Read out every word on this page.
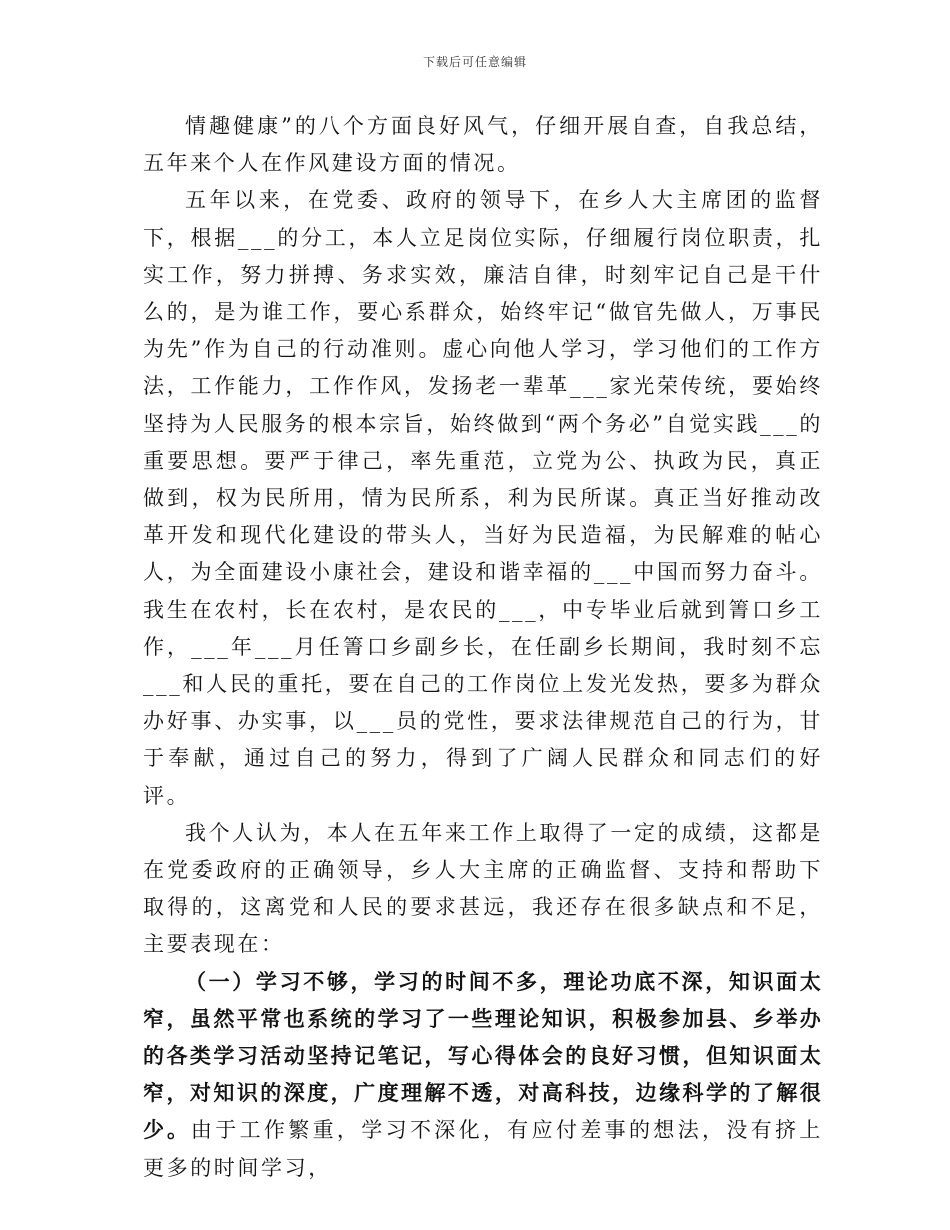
下载后可任意编辑

情趣健康”的八个方面良好风气，仔细开展自查，自我总结，五年来个人在作风建设方面的情况。

五年以来，在党委、政府的领导下，在乡人大主席团的监督下，根据___的分工，本人立足岗位实际，仔细履行岗位职责，扎实工作，努力拼搏、务求实效，廉洁自律，时刻牢记自己是干什么的，是为谁工作，要心系群众，始终牢记“做官先做人，万事民为先”作为自己的行动准则。虚心向他人学习，学习他们的工作方法，工作能力，工作作风，发扬老一辈革___家光荣传统，要始终坚持为人民服务的根本宗旨，始终做到“两个务必”自觉实践___的重要思想。要严于律己，率先重范，立党为公、执政为民，真正做到，权为民所用，情为民所系，利为民所谋。真正当好推动改革开发和现代化建设的带头人，当好为民造福，为民解难的帖心人，为全面建设小康社会，建设和谐幸福的___中国而努力奋斗。我生在农村，长在农村，是农民的___，中专毕业后就到箐口乡工作，___年___月任箐口乡副乡长，在任副乡长期间，我时刻不忘___和人民的重托，要在自己的工作岗位上发光发热，要多为群众办好事、办实事，以___员的党性，要求法律规范自己的行为，甘于奉献，通过自己的努力，得到了广阔人民群众和同志们的好评。

我个人认为，本人在五年来工作上取得了一定的成绩，这都是在党委政府的正确领导，乡人大主席的正确监督、支持和帮助下取得的，这离党和人民的要求甚远，我还存在很多缺点和不足，主要表现在：

（一）学习不够，学习的时间不多，理论功底不深，知识面太窄，虽然平常也系统的学习了一些理论知识，积极参加县、乡举办的各类学习活动坚持记笔记，写心得体会的良好习惯，但知识面太窄，对知识的深度，广度理解不透，对高科技，边缘科学的了解很少。由于工作繁重，学习不深化，有应付差事的想法，没有挤上更多的时间学习，
